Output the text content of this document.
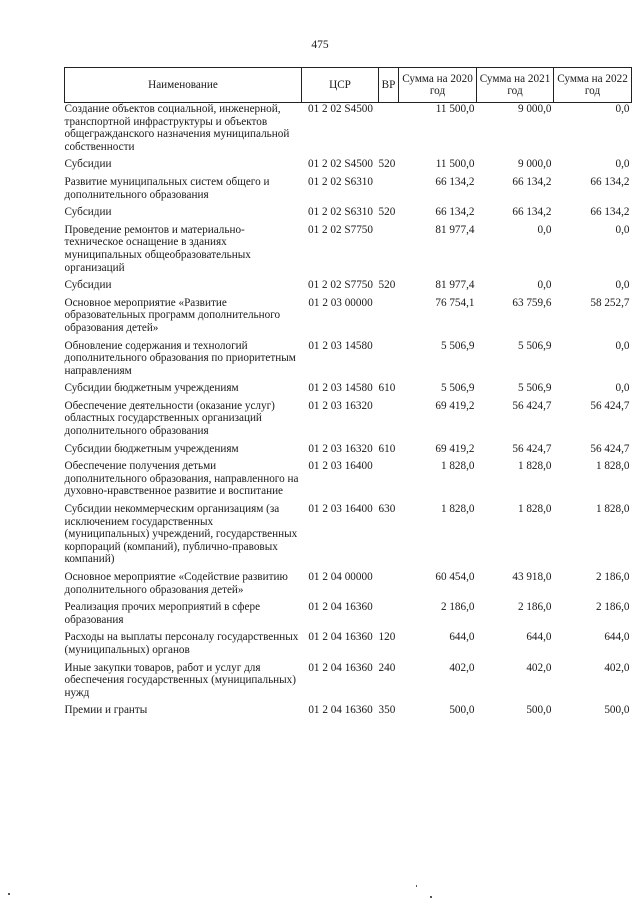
475
Наименование	ЦСР	ВР	Сумма на 2020 год	Сумма на 2021 год	Сумма на 2022 год
Создание объектов социальной, инженерной, транспортной инфраструктуры и объектов общегражданского назначения муниципальной собственности	01 2 02 S4500		11 500,0	9 000,0	0,0
Субсидии	01 2 02 S4500	520	11 500,0	9 000,0	0,0
Развитие муниципальных систем общего и дополнительного образования	01 2 02 S6310		66 134,2	66 134,2	66 134,2
Субсидии	01 2 02 S6310	520	66 134,2	66 134,2	66 134,2
Проведение ремонтов и материально-техническое оснащение в зданиях муниципальных общеобразовательных организаций	01 2 02 S7750		81 977,4	0,0	0,0
Субсидии	01 2 02 S7750	520	81 977,4	0,0	0,0
Основное мероприятие «Развитие образовательных программ дополнительного образования детей»	01 2 03 00000		76 754,1	63 759,6	58 252,7
Обновление содержания и технологий дополнительного образования по приоритетным направлениям	01 2 03 14580		5 506,9	5 506,9	0,0
Субсидии бюджетным учреждениям	01 2 03 14580	610	5 506,9	5 506,9	0,0
Обеспечение деятельности (оказание услуг) областных государственных организаций дополнительного образования	01 2 03 16320		69 419,2	56 424,7	56 424,7
Субсидии бюджетным учреждениям	01 2 03 16320	610	69 419,2	56 424,7	56 424,7
Обеспечение получения детьми дополнительного образования, направленного на духовно-нравственное развитие и воспитание	01 2 03 16400		1 828,0	1 828,0	1 828,0
Субсидии некоммерческим организациям (за исключением государственных (муниципальных) учреждений, государственных корпораций (компаний), публично-правовых компаний)	01 2 03 16400	630	1 828,0	1 828,0	1 828,0
Основное мероприятие «Содействие развитию дополнительного образования детей»	01 2 04 00000		60 454,0	43 918,0	2 186,0
Реализация прочих мероприятий в сфере образования	01 2 04 16360		2 186,0	2 186,0	2 186,0
Расходы на выплаты персоналу государственных (муниципальных) органов	01 2 04 16360	120	644,0	644,0	644,0
Иные закупки товаров, работ и услуг для обеспечения государственных (муниципальных) нужд	01 2 04 16360	240	402,0	402,0	402,0
Премии и гранты	01 2 04 16360	350	500,0	500,0	500,0
